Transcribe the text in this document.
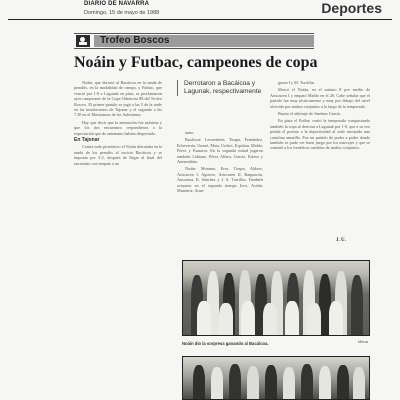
DIARIO DE NAVARRA
Domingo, 15 de mayo de 1988	Deportes
Trofeo Boscos
Noáin y Futbac, campeones de copa
Derrotaron a Bacáicoa y Lagunak, respectivamente

Noáin, que derrotó al Bacáicoa en la tanda de penaltis, en la modalidad de campo, y Futbac, que venció por 1-0 a Lagunak en pista, se proclamaron ayer campeones de la Copa Orbaiceta 88 del Trofeo Boscos. El primer partido se jugó a las 5 de la tarde en las instalaciones de Tajonar y el segundo a las 7.30 en el Mastranzos de los Salesianos.

Hay que decir que la animación fue máxima y que los dos encuentros respondieron a la expectación que de antemano habían despertado.

En Tajonar

Contra todo pronóstico el Noáin derrotaba en la tanda de los penaltis al invicto Bacáicoa y se imponía por 3-2, después de llegar al final del encuentro con empate a un

tanto.

Bacáicoa: Lecumberri, Tirapu, Fernández, Echeverría, Unzué, Mata, Urdaci, Espelata, Maldo, Pérez y Eizaarra. En la segunda mitad jugaron también Labiano, Pérez Alfaro, García, Eslava y Armendáriz.

Noáin: Morante, Erro, Tirapu, Aldave, Arizcuren I, Aguerre, Arizcuren II, Barguerón, Ansorena, II, Sánchez y J. A. Turrillas. También actuaron en el segundo tiempo Izco, Asiáin, Munárriz, Aran-

guren I y M. Turrillas.

Marcó el Noáin, en el minuto 8 por medio de Arizcuren I y empató Maldo en el 20. Cabe señalar que el partido fue muy técnicamente y muy por debajo del nivel ofrecido por ambos conjuntos a lo largo de la temporada.

Bueno el arbitraje de Jiménez García.

En pista el Futbac contó la temporada conquistando también la copa al derrotar a Lagunak por 1-0, que a su vez perdía el premio a la deportividad al serle mostrada una cartulina amarilla. Fue un partido de poder a poder donde también se pudo ver buen juego por los marcajes y que se sometió a los frenéticos cambios de ambos conjuntos.

J. U.
Mena
Noáin dio la sorpresa ganando al Bacáicoa.
